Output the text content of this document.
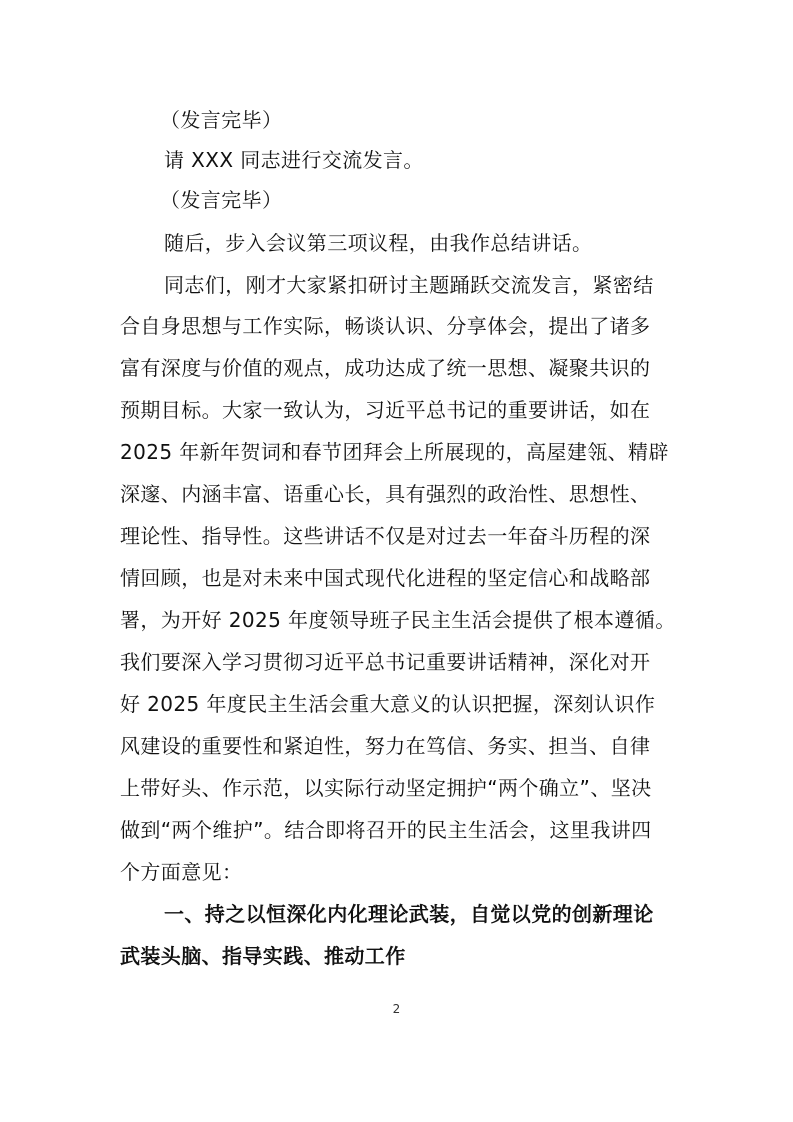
（发言完毕）
请 XXX 同志进行交流发言。
（发言完毕）
随后，步入会议第三项议程，由我作总结讲话。
同志们，刚才大家紧扣研讨主题踊跃交流发言，紧密结
合自身思想与工作实际，畅谈认识、分享体会，提出了诸多
富有深度与价值的观点，成功达成了统一思想、凝聚共识的
预期目标。大家一致认为，习近平总书记的重要讲话，如在
2025 年新年贺词和春节团拜会上所展现的，高屋建瓴、精辟
深邃、内涵丰富、语重心长，具有强烈的政治性、思想性、
理论性、指导性。这些讲话不仅是对过去一年奋斗历程的深
情回顾，也是对未来中国式现代化进程的坚定信心和战略部
署，为开好 2025 年度领导班子民主生活会提供了根本遵循。
我们要深入学习贯彻习近平总书记重要讲话精神，深化对开
好 2025 年度民主生活会重大意义的认识把握，深刻认识作
风建设的重要性和紧迫性，努力在笃信、务实、担当、自律
上带好头、作示范，以实际行动坚定拥护“两个确立”、坚决
做到“两个维护”。结合即将召开的民主生活会，这里我讲四
个方面意见：
一、持之以恒深化内化理论武装，自觉以党的创新理论
武装头脑、指导实践、推动工作
2
